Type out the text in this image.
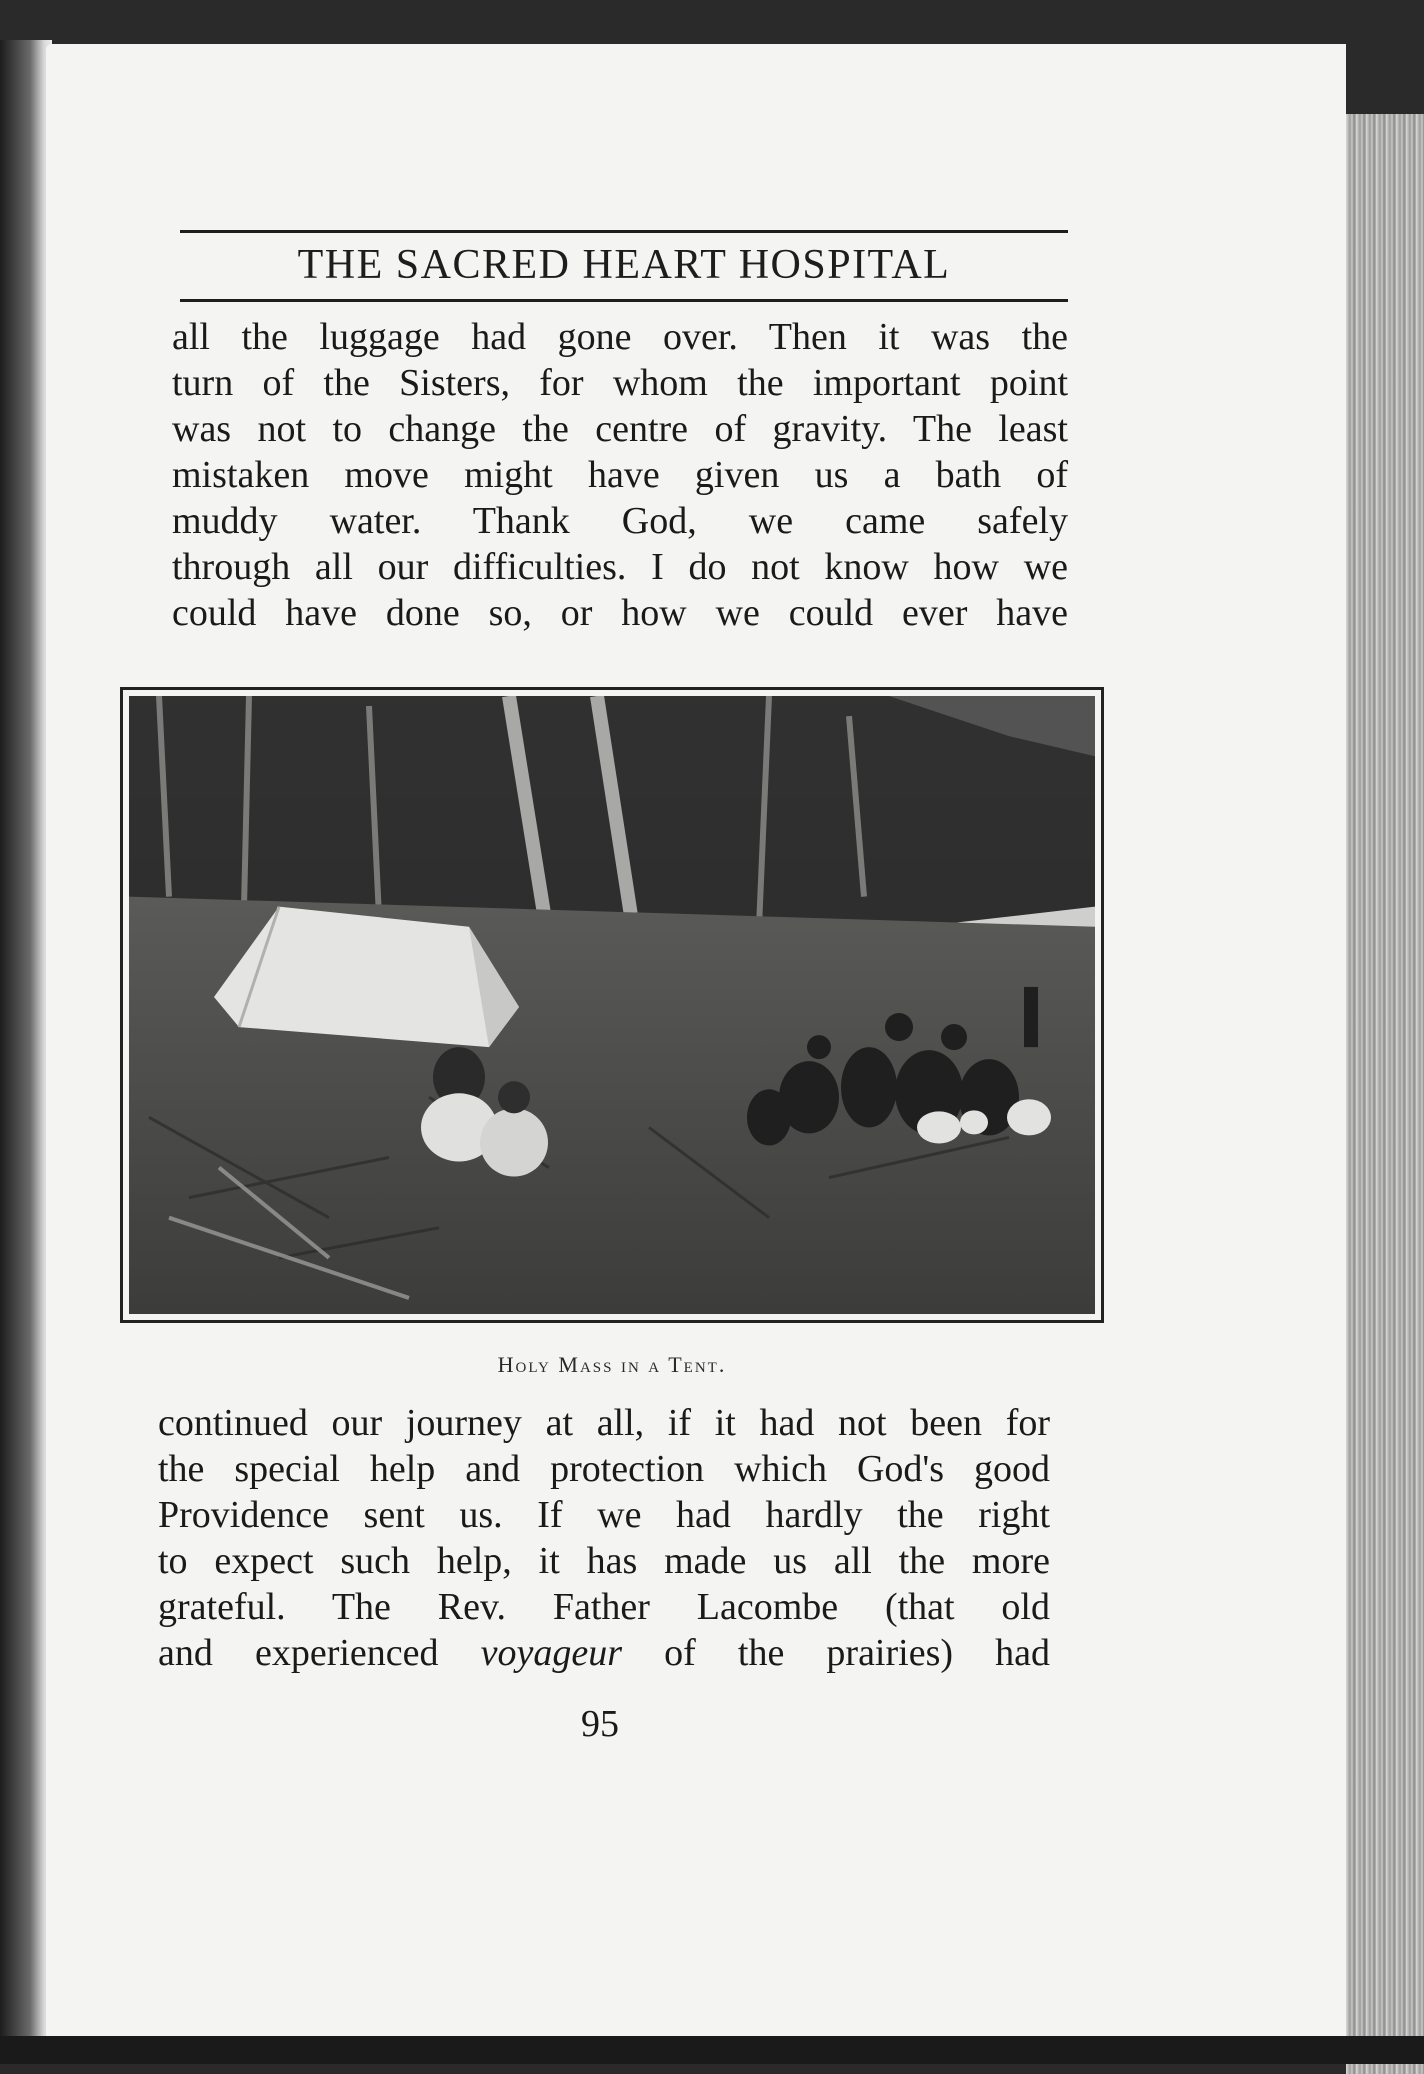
THE SACRED HEART HOSPITAL
all the luggage had gone over. Then it was the
turn of the Sisters, for whom the important point
was not to change the centre of gravity. The least
mistaken move might have given us a bath of
muddy water. Thank God, we came safely
through all our difficulties. I do not know how we
could have done so, or how we could ever have
Holy Mass in a Tent.
continued our journey at all, if it had not been for
the special help and protection which God's good
Providence sent us. If we had hardly the right
to expect such help, it has made us all the more
grateful. The Rev. Father Lacombe (that old
and experienced voyageur of the prairies) had
95
